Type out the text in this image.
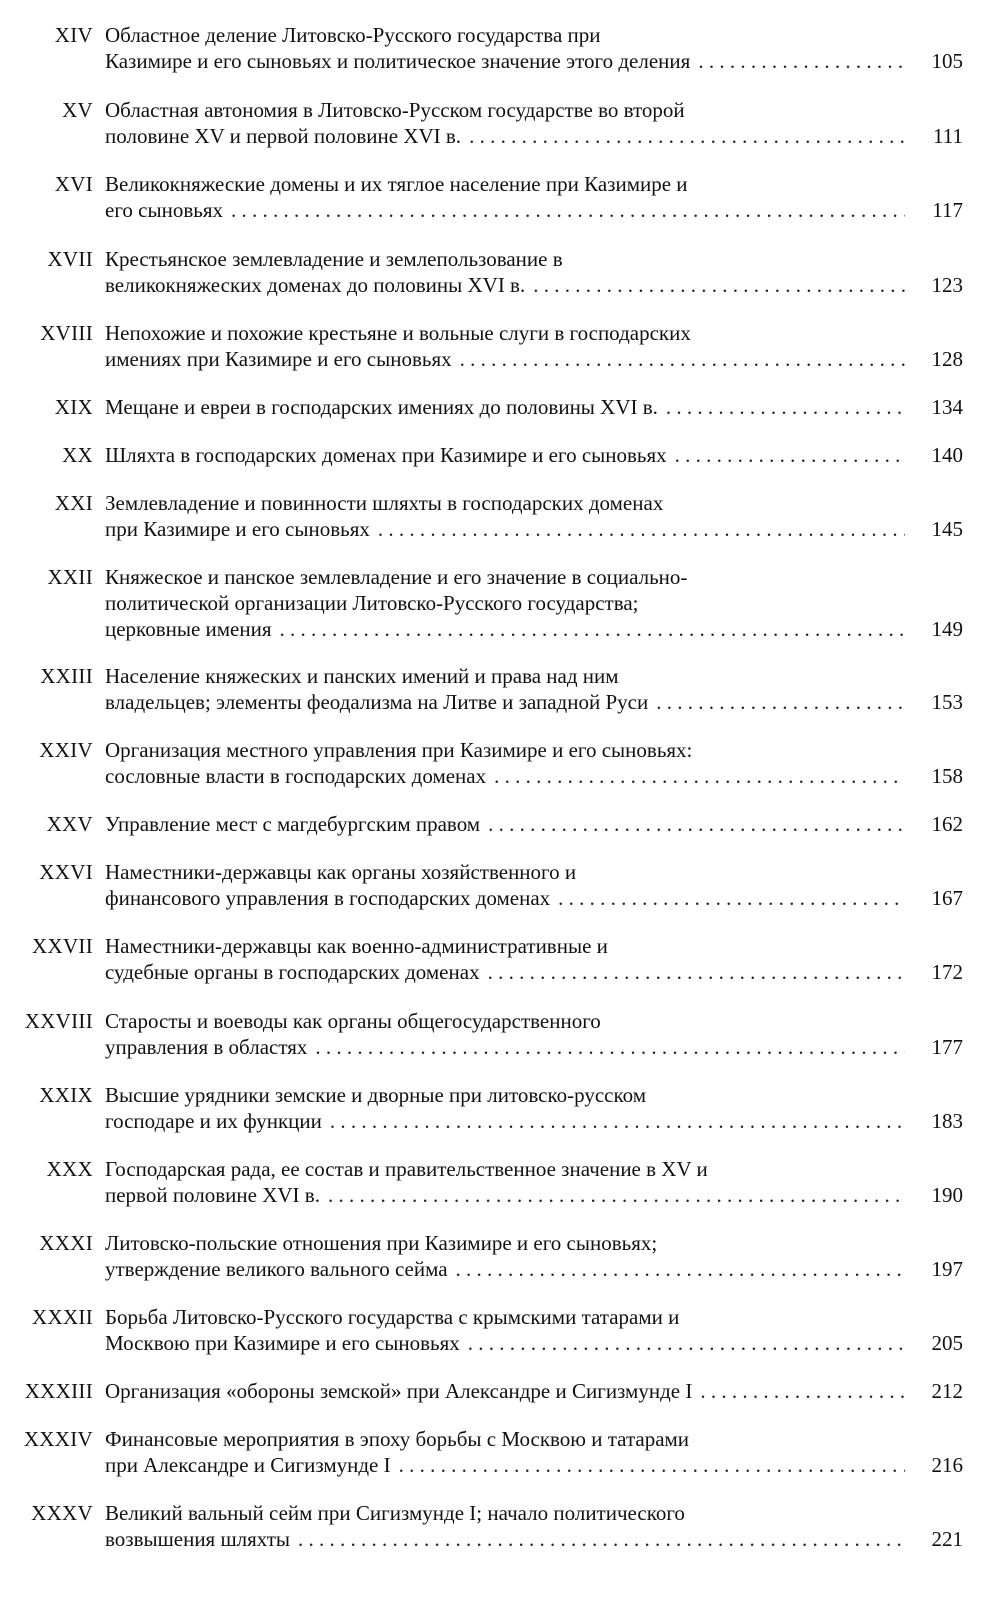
XIV Областное деление Литовско-Русского государства при
Казимире и его сыновьях и политическое значение этого деления . . .	105
XV Областная автономия в Литовско-Русском государстве во второй
половине XV и первой половине XVI в. . . .	111
XVI Великокняжеские домены и их тяглое население при Казимире и
его сыновьях . . .	117
XVII Крестьянское землевладение и землепользование в
великокняжеских доменах до половины XVI в. . . .	123
XVIII Непохожие и похожие крестьяне и вольные слуги в господарских
имениях при Казимире и его сыновьях . . .	128
XIX Мещане и евреи в господарских имениях до половины XVI в. . . .	134
XX Шляхта в господарских доменах при Казимире и его сыновьях . . .	140
XXI Землевладение и повинности шляхты в господарских доменах
при Казимире и его сыновьях . . .	145
XXII Княжеское и панское землевладение и его значение в социально-
политической организации Литовско-Русского государства;
церковные имения . . .	149
XXIII Население княжеских и панских имений и права над ним
владельцев; элементы феодализма на Литве и западной Руси . . .	153
XXIV Организация местного управления при Казимире и его сыновьях:
сословные власти в господарских доменах . . .	158
XXV Управление мест с магдебургским правом . . .	162
XXVI Наместники-державцы как органы хозяйственного и
финансового управления в господарских доменах . . .	167
XXVII Наместники-державцы как военно-административные и
судебные органы в господарских доменах . . .	172
XXVIII Старосты и воеводы как органы общегосударственного
управления в областях . . .	177
XXIX Высшие урядники земские и дворные при литовско-русском
господаре и их функции . . .	183
XXX Господарская рада, ее состав и правительственное значение в XV и
первой половине XVI в. . . .	190
XXXI Литовско-польские отношения при Казимире и его сыновьях;
утверждение великого вального сейма . . .	197
XXXII Борьба Литовско-Русского государства с крымскими татарами и
Москвою при Казимире и его сыновьях . . .	205
XXXIII Организация «обороны земской» при Александре и Сигизмунде I . . .	212
XXXIV Финансовые мероприятия в эпоху борьбы с Москвою и татарами
при Александре и Сигизмунде I . . .	216
XXXV Великий вальный сейм при Сигизмунде I; начало политического
возвышения шляхты . . .	221
